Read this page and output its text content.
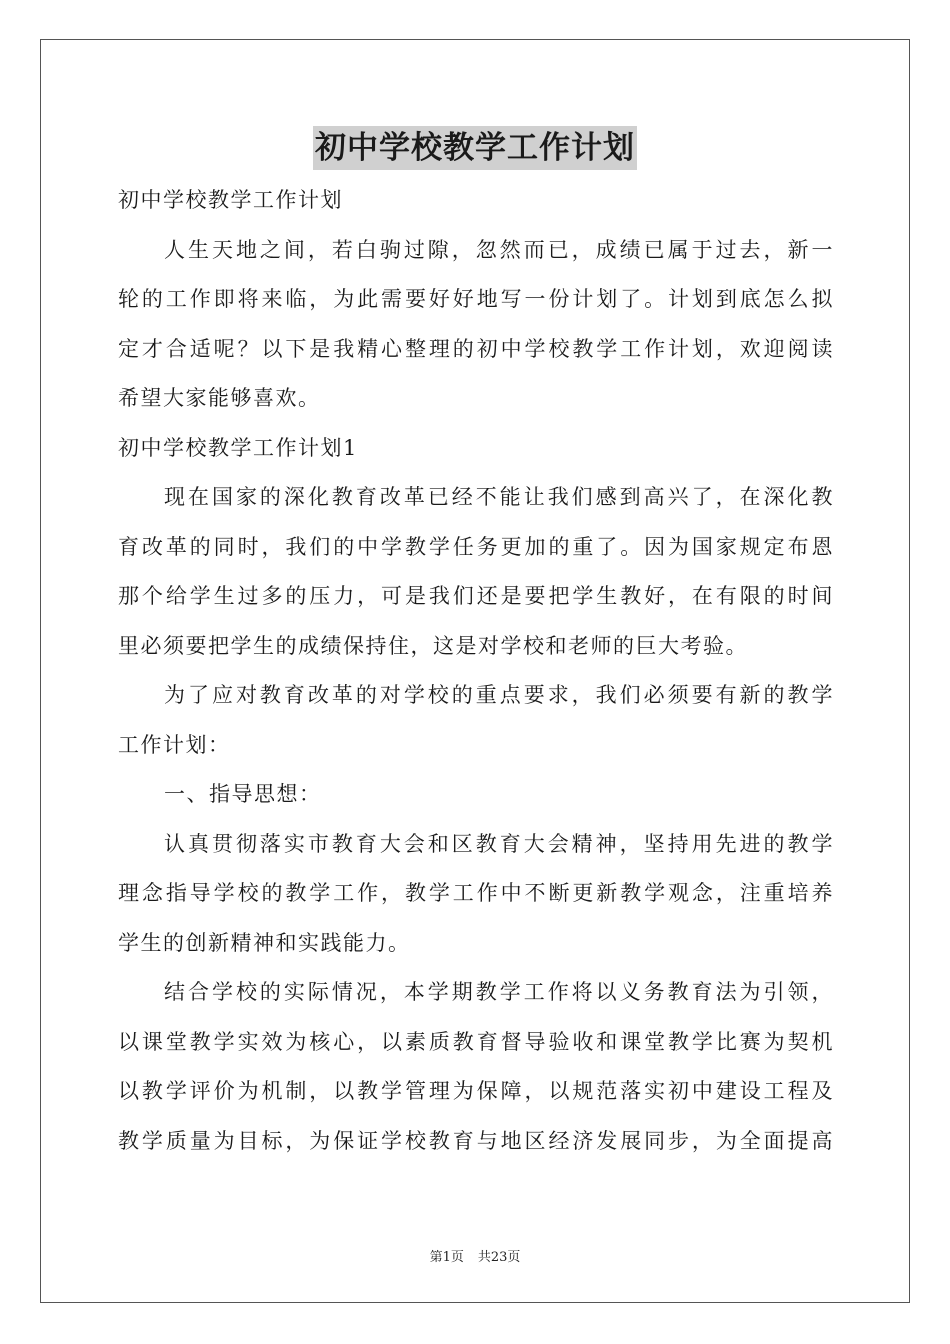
初中学校教学工作计划
初中学校教学工作计划
人生天地之间，若白驹过隙，忽然而已，成绩已属于过去，新一
轮的工作即将来临，为此需要好好地写一份计划了。计划到底怎么拟
定才合适呢？以下是我精心整理的初中学校教学工作计划，欢迎阅读
希望大家能够喜欢。
初中学校教学工作计划1
现在国家的深化教育改革已经不能让我们感到高兴了，在深化教
育改革的同时，我们的中学教学任务更加的重了。因为国家规定布恩
那个给学生过多的压力，可是我们还是要把学生教好，在有限的时间
里必须要把学生的成绩保持住，这是对学校和老师的巨大考验。
为了应对教育改革的对学校的重点要求，我们必须要有新的教学
工作计划：
一、指导思想：
认真贯彻落实市教育大会和区教育大会精神，坚持用先进的教学
理念指导学校的教学工作，教学工作中不断更新教学观念，注重培养
学生的创新精神和实践能力。
结合学校的实际情况，本学期教学工作将以义务教育法为引领，
以课堂教学实效为核心，以素质教育督导验收和课堂教学比赛为契机
以教学评价为机制，以教学管理为保障，以规范落实初中建设工程及
教学质量为目标，为保证学校教育与地区经济发展同步，为全面提高
第1页 共23页
